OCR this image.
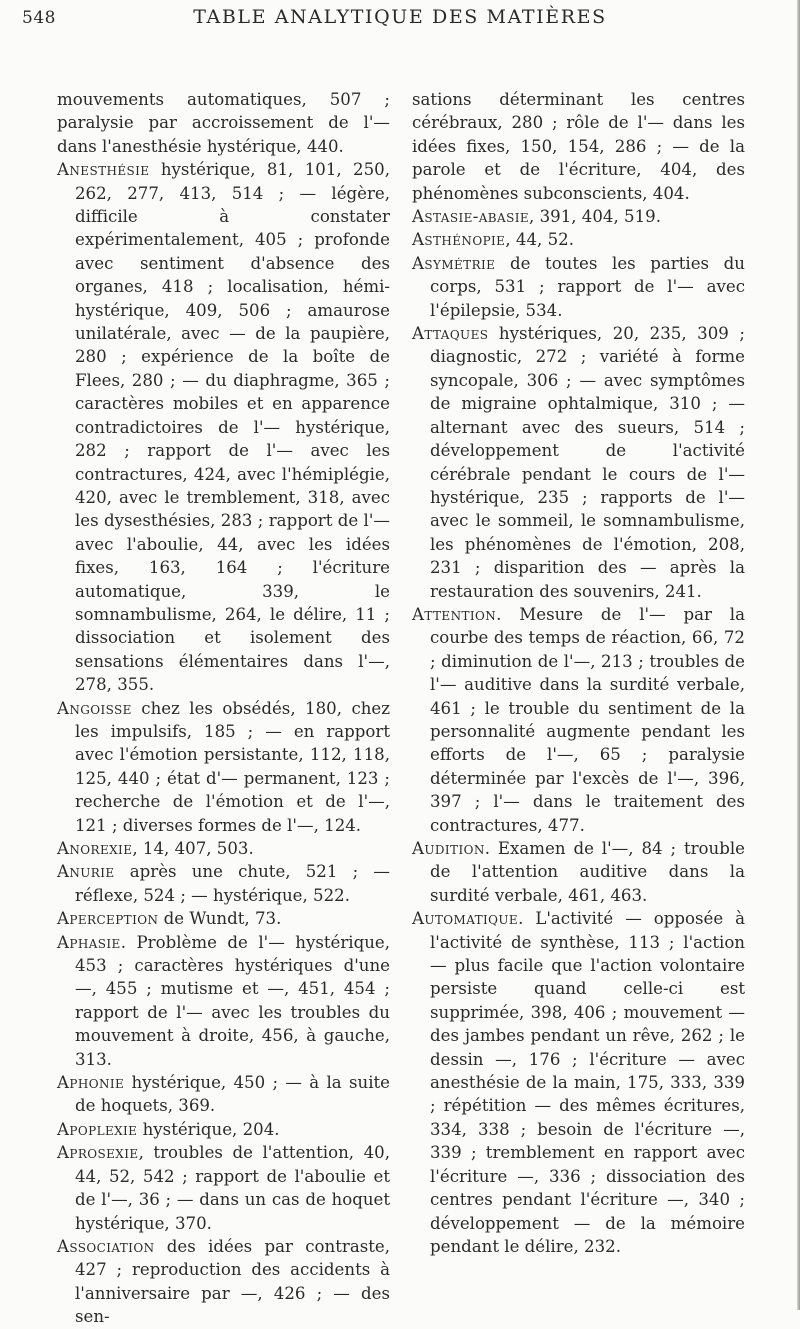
548	TABLE ANALYTIQUE DES MATIÈRES

mouvements automatiques, 507 ; paralysie par accroissement de l'— dans l'anesthésie hystérique, 440.

Anesthésie hystérique, 81, 101, 250, 262, 277, 413, 514 ; — légère, difficile à constater expérimentalement, 405 ; profonde avec sentiment d'absence des organes, 418 ; localisation, hémi-hystérique, 409, 506 ; amaurose unilatérale, avec — de la paupière, 280 ; expérience de la boîte de Flees, 280 ; — du diaphragme, 365 ; caractères mobiles et en apparence contradictoires de l'— hystérique, 282 ; rapport de l'— avec les contractures, 424, avec l'hémiplégie, 420, avec le tremblement, 318, avec les dysesthésies, 283 ; rapport de l'— avec l'aboulie, 44, avec les idées fixes, 163, 164 ; l'écriture automatique, 339, le somnambulisme, 264, le délire, 11 ; dissociation et isolement des sensations élémentaires dans l'—, 278, 355.

Angoisse chez les obsédés, 180, chez les impulsifs, 185 ; — en rapport avec l'émotion persistante, 112, 118, 125, 440 ; état d'— permanent, 123 ; recherche de l'émotion et de l'—, 121 ; diverses formes de l'—, 124.

Anorexie, 14, 407, 503.

Anurie après une chute, 521 ; — réflexe, 524 ; — hystérique, 522.

Aperception de Wundt, 73.

Aphasie. Problème de l'— hystérique, 453 ; caractères hystériques d'une —, 455 ; mutisme et —, 451, 454 ; rapport de l'— avec les troubles du mouvement à droite, 456, à gauche, 313.

Aphonie hystérique, 450 ; — à la suite de hoquets, 369.

Apoplexie hystérique, 204.

Aprosexie, troubles de l'attention, 40, 44, 52, 542 ; rapport de l'aboulie et de l'—, 36 ; — dans un cas de hoquet hystérique, 370.

Association des idées par contraste, 427 ; reproduction des accidents à l'anniversaire par —, 426 ; — des sen-

sations déterminant les centres cérébraux, 280 ; rôle de l'— dans les idées fixes, 150, 154, 286 ; — de la parole et de l'écriture, 404, des phénomènes subconscients, 404.

Astasie-abasie, 391, 404, 519.

Asthénopie, 44, 52.

Asymétrie de toutes les parties du corps, 531 ; rapport de l'— avec l'épilepsie, 534.

Attaques hystériques, 20, 235, 309 ; diagnostic, 272 ; variété à forme syncopale, 306 ; — avec symptômes de migraine ophtalmique, 310 ; — alternant avec des sueurs, 514 ; développement de l'activité cérébrale pendant le cours de l'— hystérique, 235 ; rapports de l'— avec le sommeil, le somnambulisme, les phénomènes de l'émotion, 208, 231 ; disparition des — après la restauration des souvenirs, 241.

Attention. Mesure de l'— par la courbe des temps de réaction, 66, 72 ; diminution de l'—, 213 ; troubles de l'— auditive dans la surdité verbale, 461 ; le trouble du sentiment de la personnalité augmente pendant les efforts de l'—, 65 ; paralysie déterminée par l'excès de l'—, 396, 397 ; l'— dans le traitement des contractures, 477.

Audition. Examen de l'—, 84 ; trouble de l'attention auditive dans la surdité verbale, 461, 463.

Automatique. L'activité — opposée à l'activité de synthèse, 113 ; l'action — plus facile que l'action volontaire persiste quand celle-ci est supprimée, 398, 406 ; mouvement — des jambes pendant un rêve, 262 ; le dessin —, 176 ; l'écriture — avec anesthésie de la main, 175, 333, 339 ; répétition — des mêmes écritures, 334, 338 ; besoin de l'écriture —, 339 ; tremblement en rapport avec l'écriture —, 336 ; dissociation des centres pendant l'écriture —, 340 ; développement — de la mémoire pendant le délire, 232.
